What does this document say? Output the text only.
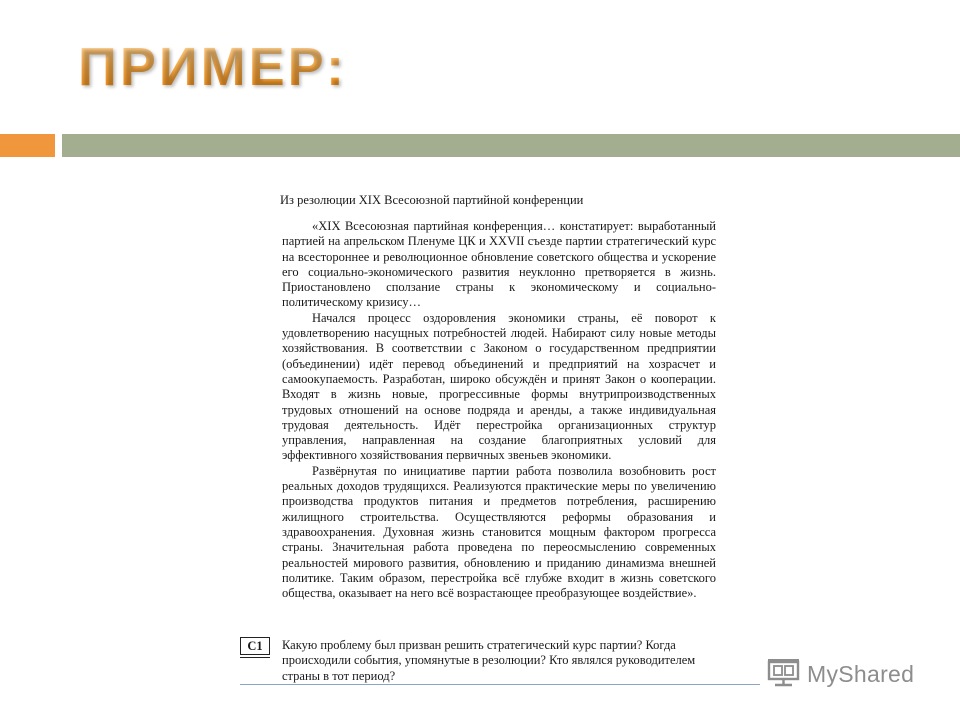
ПРИМЕР:
Из резолюции XIX Всесоюзной партийной конференции

«XIX Всесоюзная партийная конференция… констатирует: выработанный партией на апрельском Пленуме ЦК и XXVII съезде партии стратегический курс на всестороннее и революционное обновление советского общества и ускорение его социально-экономического развития неуклонно претворяется в жизнь. Приостановлено сползание страны к экономическому и социально-политическому кризису…

Начался процесс оздоровления экономики страны, её поворот к удовлетворению насущных потребностей людей. Набирают силу новые методы хозяйствования. В соответствии с Законом о государственном предприятии (объединении) идёт перевод объединений и предприятий на хозрасчет и самоокупаемость. Разработан, широко обсуждён и принят Закон о кооперации. Входят в жизнь новые, прогрессивные формы внутрипроизводственных трудовых отношений на основе подряда и аренды, а также индивидуальная трудовая деятельность. Идёт перестройка организационных структур управления, направленная на создание благоприятных условий для эффективного хозяйствования первичных звеньев экономики.

Развёрнутая по инициативе партии работа позволила возобновить рост реальных доходов трудящихся. Реализуются практические меры по увеличению производства продуктов питания и предметов потребления, расширению жилищного строительства. Осуществляются реформы образования и здравоохранения. Духовная жизнь становится мощным фактором прогресса страны. Значительная работа проведена по переосмыслению современных реальностей мирового развития, обновлению и приданию динамизма внешней политике. Таким образом, перестройка всё глубже входит в жизнь советского общества, оказывает на него всё возрастающее преобразующее воздействие».

С1	Какую проблему был призван решить стратегический курс партии? Когда происходили события, упомянутые в резолюции? Кто являлся руководителем страны в тот период?	MyShared
